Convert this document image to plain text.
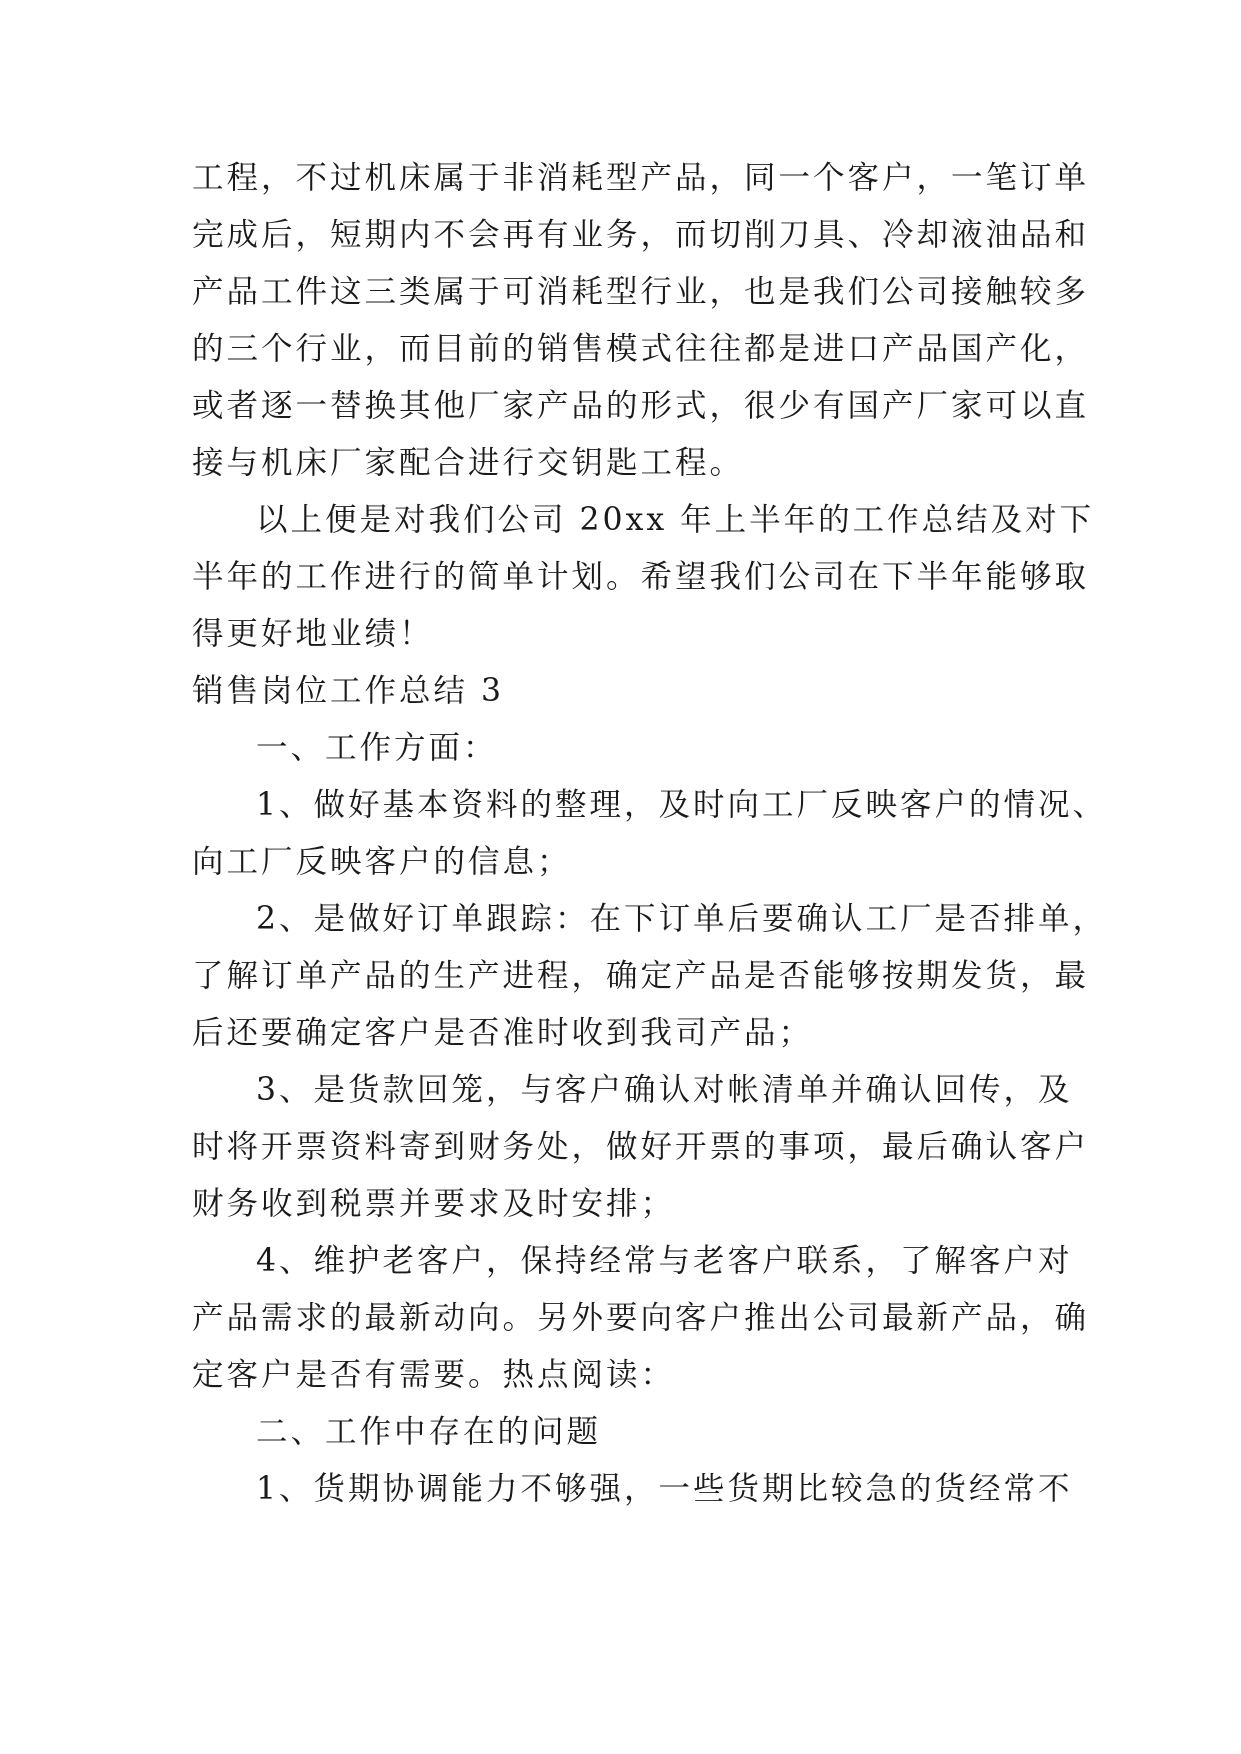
工程，不过机床属于非消耗型产品，同一个客户，一笔订单
完成后，短期内不会再有业务，而切削刀具、冷却液油品和
产品工件这三类属于可消耗型行业，也是我们公司接触较多
的三个行业，而目前的销售模式往往都是进口产品国产化，
或者逐一替换其他厂家产品的形式，很少有国产厂家可以直
接与机床厂家配合进行交钥匙工程。
以上便是对我们公司 20xx 年上半年的工作总结及对下
半年的工作进行的简单计划。希望我们公司在下半年能够取
得更好地业绩！
销售岗位工作总结 3
一、工作方面：
1、做好基本资料的整理，及时向工厂反映客户的情况、
向工厂反映客户的信息；
2、是做好订单跟踪：在下订单后要确认工厂是否排单，
了解订单产品的生产进程，确定产品是否能够按期发货，最
后还要确定客户是否准时收到我司产品；
3、是货款回笼，与客户确认对帐清单并确认回传，及
时将开票资料寄到财务处，做好开票的事项，最后确认客户
财务收到税票并要求及时安排；
4、维护老客户，保持经常与老客户联系，了解客户对
产品需求的最新动向。另外要向客户推出公司最新产品，确
定客户是否有需要。热点阅读：
二、工作中存在的问题
1、货期协调能力不够强，一些货期比较急的货经常不
